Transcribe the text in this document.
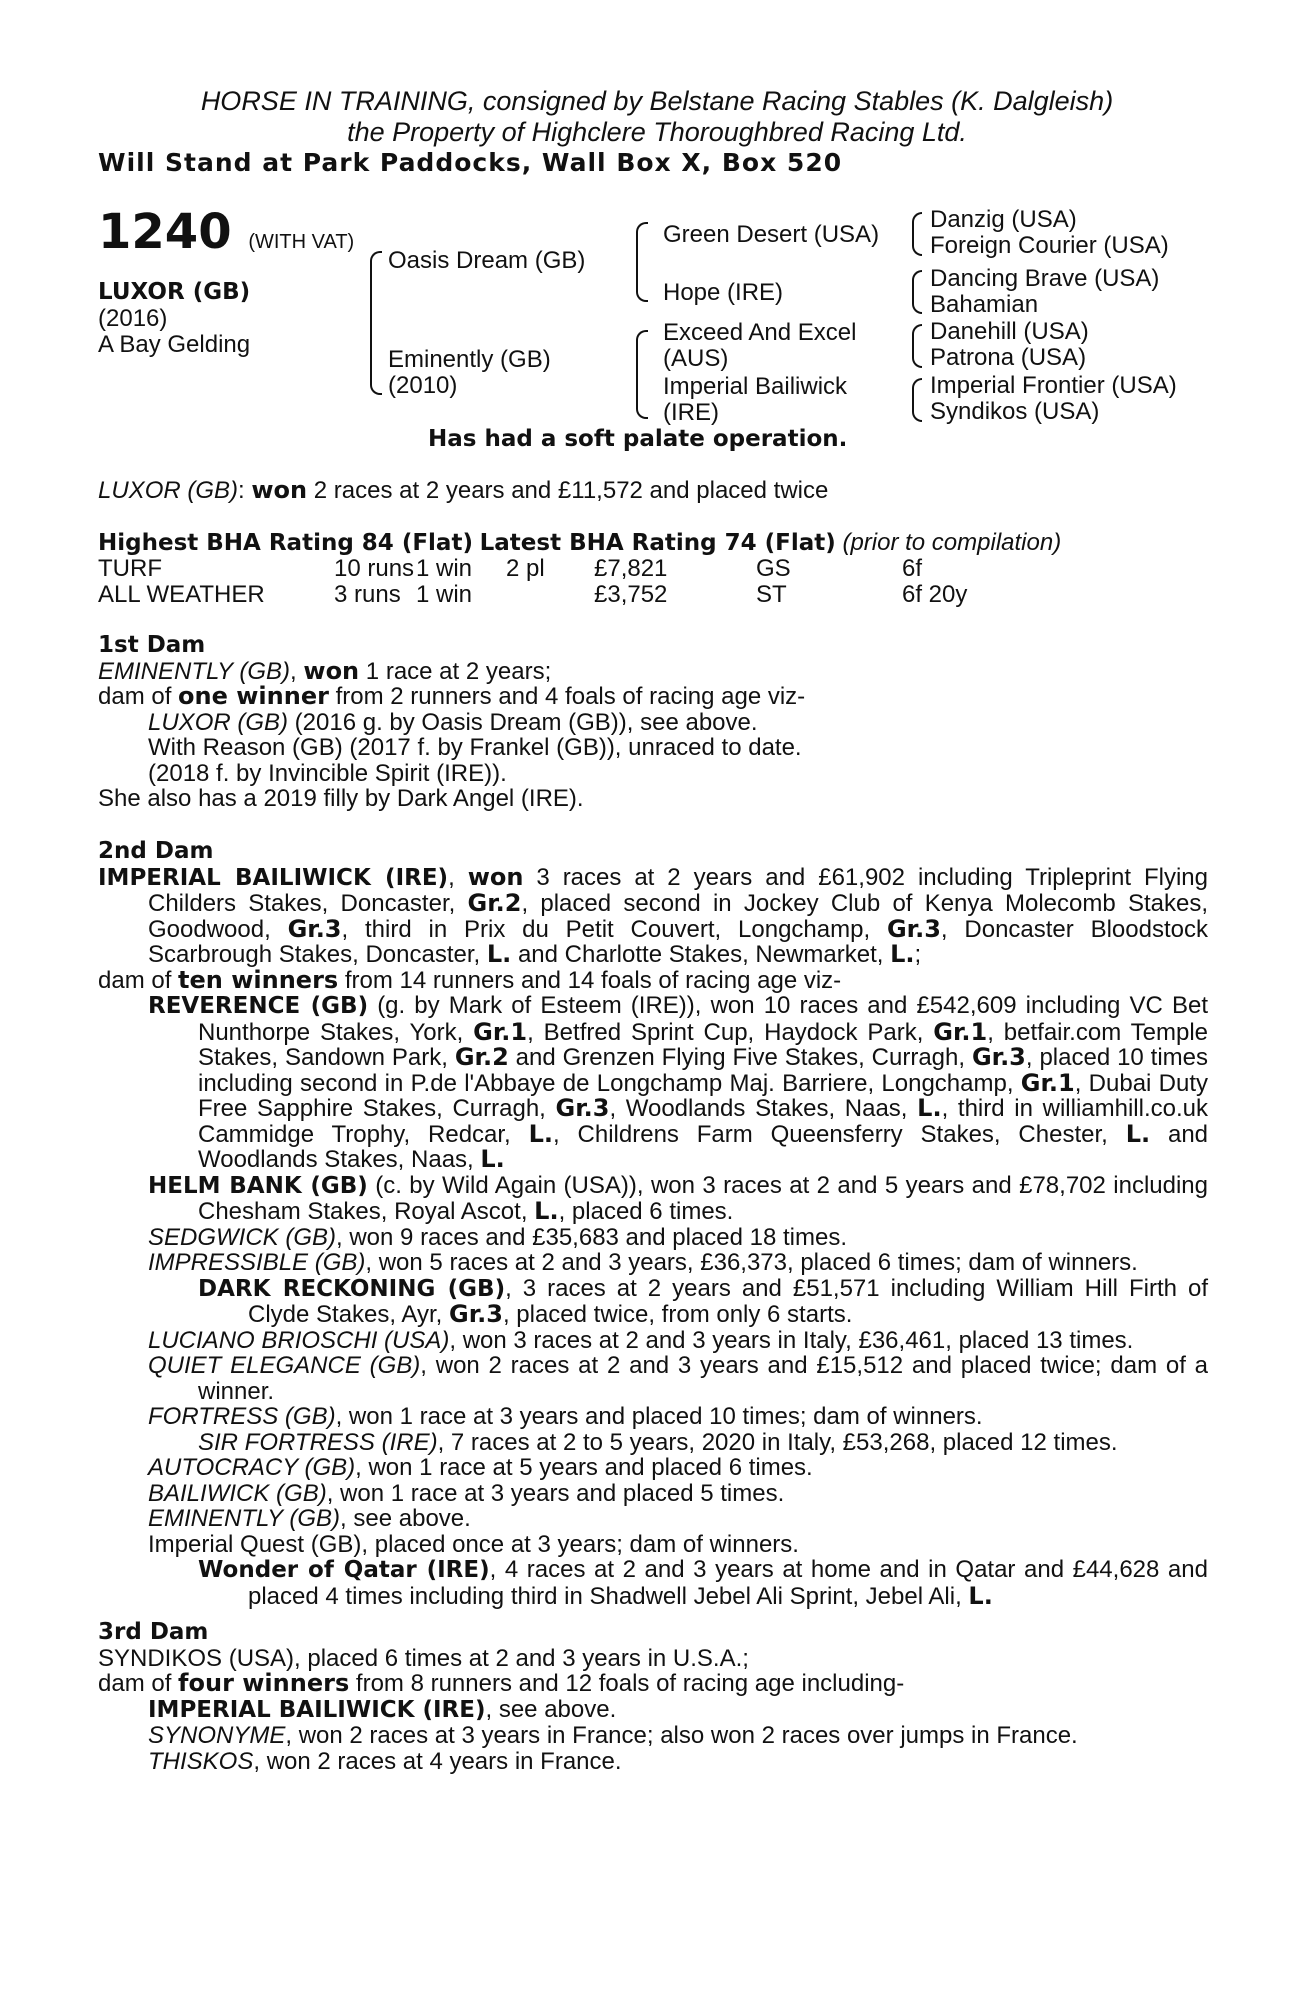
HORSE IN TRAINING, consigned by Belstane Racing Stables (K. Dalgleish)
the Property of Highclere Thoroughbred Racing Ltd.
Will Stand at Park Paddocks, Wall Box X, Box 520
1240 (WITH VAT)
LUXOR (GB)
(2016)
A Bay Gelding
Oasis Dream (GB)
Eminently (GB)
(2010)
Green Desert (USA)
Hope (IRE)
Exceed And Excel
(AUS)
Imperial Bailiwick
(IRE)
Danzig (USA)
Foreign Courier (USA)
Dancing Brave (USA)
Bahamian
Danehill (USA)
Patrona (USA)
Imperial Frontier (USA)
Syndikos (USA)
Has had a soft palate operation.
LUXOR (GB): won 2 races at 2 years and £11,572 and placed twice
Highest BHA Rating 84 (Flat) Latest BHA Rating 74 (Flat) (prior to compilation)
TURF	10 runs 1 win 2 pl £7,821	GS	6f
ALL WEATHER	3 runs 1 win	£3,752	ST	6f 20y

1st Dam

EMINENTLY (GB), won 1 race at 2 years;

dam of one winner from 2 runners and 4 foals of racing age viz-

LUXOR (GB) (2016 g. by Oasis Dream (GB)), see above.

With Reason (GB) (2017 f. by Frankel (GB)), unraced to date.

(2018 f. by Invincible Spirit (IRE)).

She also has a 2019 filly by Dark Angel (IRE).

2nd Dam

IMPERIAL BAILIWICK (IRE), won 3 races at 2 years and £61,902 including Tripleprint Flying Childers Stakes, Doncaster, Gr.2, placed second in Jockey Club of Kenya Molecomb Stakes, Goodwood, Gr.3, third in Prix du Petit Couvert, Longchamp, Gr.3, Doncaster Bloodstock Scarbrough Stakes, Doncaster, L. and Charlotte Stakes, Newmarket, L.;

dam of ten winners from 14 runners and 14 foals of racing age viz-

REVERENCE (GB) (g. by Mark of Esteem (IRE)), won 10 races and £542,609 including VC Bet Nunthorpe Stakes, York, Gr.1, Betfred Sprint Cup, Haydock Park, Gr.1, betfair.com Temple Stakes, Sandown Park, Gr.2 and Grenzen Flying Five Stakes, Curragh, Gr.3, placed 10 times including second in P.de l'Abbaye de Longchamp Maj. Barriere, Longchamp, Gr.1, Dubai Duty Free Sapphire Stakes, Curragh, Gr.3, Woodlands Stakes, Naas, L., third in williamhill.co.uk Cammidge Trophy, Redcar, L., Childrens Farm Queensferry Stakes, Chester, L. and Woodlands Stakes, Naas, L.

HELM BANK (GB) (c. by Wild Again (USA)), won 3 races at 2 and 5 years and £78,702 including Chesham Stakes, Royal Ascot, L., placed 6 times.

SEDGWICK (GB), won 9 races and £35,683 and placed 18 times.

IMPRESSIBLE (GB), won 5 races at 2 and 3 years, £36,373, placed 6 times; dam of winners.

DARK RECKONING (GB), 3 races at 2 years and £51,571 including William Hill Firth of Clyde Stakes, Ayr, Gr.3, placed twice, from only 6 starts.

LUCIANO BRIOSCHI (USA), won 3 races at 2 and 3 years in Italy, £36,461, placed 13 times.

QUIET ELEGANCE (GB), won 2 races at 2 and 3 years and £15,512 and placed twice; dam of a winner.

FORTRESS (GB), won 1 race at 3 years and placed 10 times; dam of winners.

SIR FORTRESS (IRE), 7 races at 2 to 5 years, 2020 in Italy, £53,268, placed 12 times.

AUTOCRACY (GB), won 1 race at 5 years and placed 6 times.

BAILIWICK (GB), won 1 race at 3 years and placed 5 times.

EMINENTLY (GB), see above.

Imperial Quest (GB), placed once at 3 years; dam of winners.

Wonder of Qatar (IRE), 4 races at 2 and 3 years at home and in Qatar and £44,628 and placed 4 times including third in Shadwell Jebel Ali Sprint, Jebel Ali, L.

3rd Dam

SYNDIKOS (USA), placed 6 times at 2 and 3 years in U.S.A.;

dam of four winners from 8 runners and 12 foals of racing age including-

IMPERIAL BAILIWICK (IRE), see above.

SYNONYME, won 2 races at 3 years in France; also won 2 races over jumps in France.

THISKOS, won 2 races at 4 years in France.
